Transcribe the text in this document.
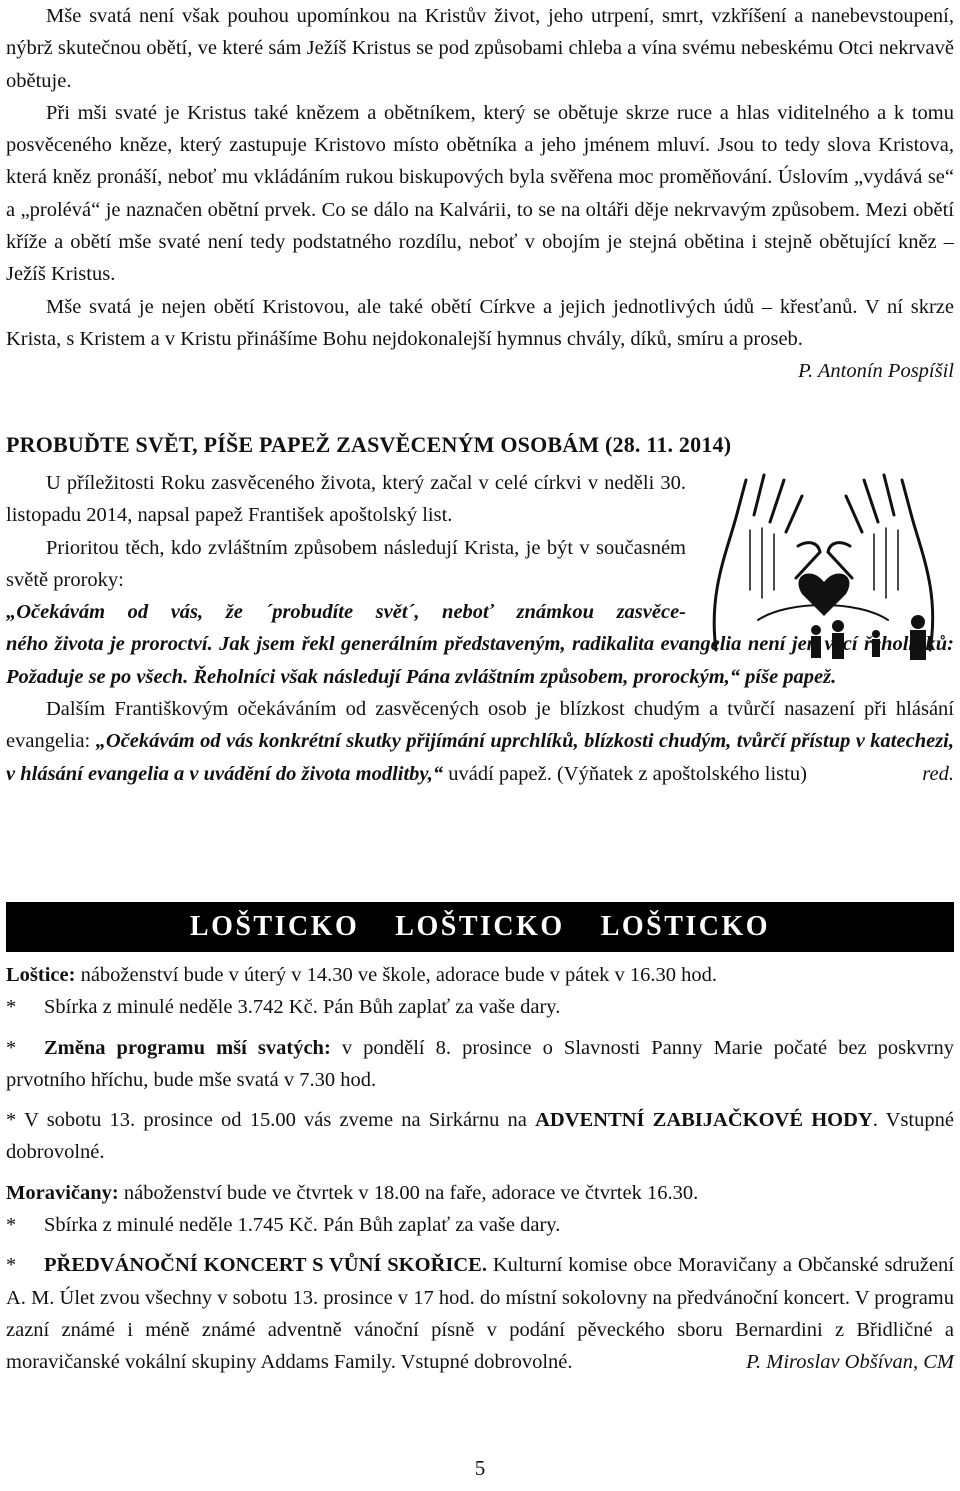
Mše svatá není však pouhou upomínkou na Kristův život, jeho utrpení, smrt, vzkříšení a nanebevstoupení, nýbrž skutečnou obětí, ve které sám Ježíš Kristus se pod způsobami chleba a vína svému nebeskému Otci nekrvavě obětuje.

Při mši svaté je Kristus také knězem a obětníkem, který se obětuje skrze ruce a hlas viditelného a k tomu posvěceného kněze, který zastupuje Kristovo místo obětníka a jeho jménem mluví. Jsou to tedy slova Kristova, která kněz pronáší, neboť mu vkládáním rukou biskupových byla svěřena moc proměňování. Úslovím „vydává se“ a „prolévá“ je naznačen obětní prvek. Co se dálo na Kalvárii, to se na oltáři děje nekrvavým způsobem. Mezi obětí kříže a obětí mše svaté není tedy podstatného rozdílu, neboť v obojím je stejná obětina i stejně obětující kněz – Ježíš Kristus.

Mše svatá je nejen obětí Kristovou, ale také obětí Církve a jejich jednotlivých údů – křesťanů. V ní skrze Krista, s Kristem a v Kristu přinášíme Bohu nejdokonalejší hymnus chvály, díků, smíru a proseb.
P. Antonín Pospíšil

PROBUĎTE SVĚT, PÍŠE PAPEŽ ZASVĚCENÝM OSOBÁM (28. 11. 2014)

U příležitosti Roku zasvěceného života, který začal v celé církvi v neděli 30. listopadu 2014, napsal papež František apoštolský list.

Prioritou těch, kdo zvláštním způsobem následují Krista, je být v současném světě proroky:

„Očekávám od vás, že ´probudíte svět´, neboť známkou zasvěce-

ného života je proroctví. Jak jsem řekl generálním představeným, radikalita evangelia není jen věcí řeholníků: Požaduje se po všech. Řeholníci však následují Pána zvláštním způsobem, prorockým,“ píše papež.

Dalším Františkovým očekáváním od zasvěcených osob je blízkost chudým a tvůrčí nasazení při hlásání evangelia: „Očekávám od vás konkrétní skutky přijímání uprchlíků, blízkosti chudým, tvůrčí přístup v katechezi, v hlásání evangelia a v uvádění do života modlitby,“ uvádí papež. (Výňatek z apoštolského listu)	red.

LOŠTICKO LOŠTICKO LOŠTICKO

Loštice: náboženství bude v úterý v 14.30 ve škole, adorace bude v pátek v 16.30 hod.

* Sbírka z minulé neděle 3.742 Kč. Pán Bůh zaplať za vaše dary.

* Změna programu mší svatých: v pondělí 8. prosince o Slavnosti Panny Marie počaté bez poskvrny prvotního hříchu, bude mše svatá v 7.30 hod.

* V sobotu 13. prosince od 15.00 vás zveme na Sirkárnu na ADVENTNÍ ZABIJAČKOVÉ HODY. Vstupné dobrovolné.

Moravičany: náboženství bude ve čtvrtek v 18.00 na faře, adorace ve čtvrtek 16.30.

* Sbírka z minulé neděle 1.745 Kč. Pán Bůh zaplať za vaše dary.

* PŘEDVÁNOČNÍ KONCERT S VŮNÍ SKOŘICE. Kulturní komise obce Moravičany a Občanské sdružení A. M. Úlet zvou všechny v sobotu 13. prosince v 17 hod. do místní sokolovny na předvánoční koncert. V programu zazní známé i méně známé adventně vánoční písně v podání pěveckého sboru Bernardini z Břidličné a moravičanské vokální skupiny Addams Family. Vstupné dobrovolné.	P. Miroslav Obšívan, CM

5
